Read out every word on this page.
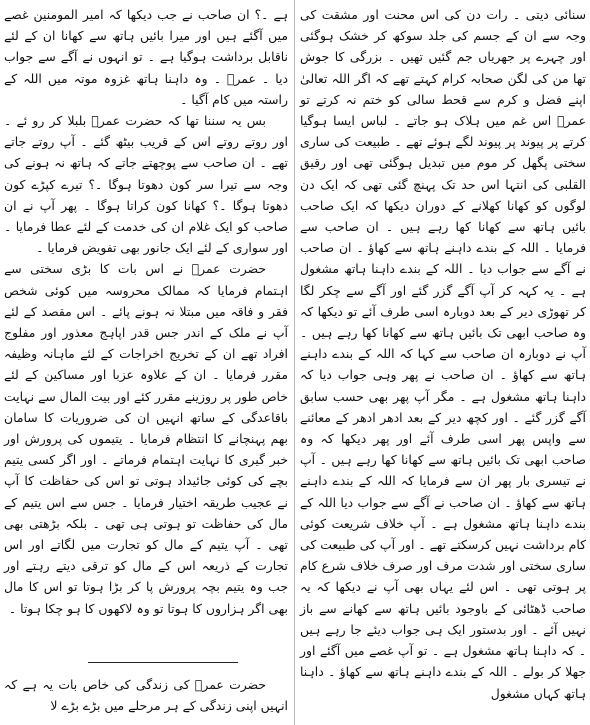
سنائی دیتی ۔ رات دن کی اس محنت اور مشقت کی وجہ سے ان کے جسم کی جلد سوکھ کر خشک ہوگئی اور چہرے پر جھریاں جم گئیں تھیں ۔ بزرگی کا جوش تھا من کی لگن صحابہ کرام کہتے تھے کہ اگر اللہ تعالیٰ اپنے فضل و کرم سے قحط سالی کو ختم نہ کرتے تو عمرؓ اس غم میں ہلاک ہو جاتے ۔ لباس ایسا ہوگیا کرتے پر پیوند پر پیوند لگے ہوئے تھے ۔ طبیعت کی ساری سختی پگھل کر موم میں تبدیل ہوگئی تھی اور رقیق القلبی کی انتہا اس حد تک پہنچ گئی تھی کہ ایک دن لوگوں کو کھانا کھلانے کے دوران دیکھا کہ ایک صاحب بائیں ہاتھ سے کھانا کھا رہے ہیں ۔ ان صاحب سے فرمایا ۔ اللہ کے بندے داہنے ہاتھ سے کھاؤ ۔ ان صاحب نے آگے سے جواب دیا ۔ اللہ کے بندے داہنا ہاتھ مشغول ہے ۔ یہ کہہ کر آپ آگے گزر گئے اور آگے سے چکر لگا کر تھوڑی دیر کے بعد دوبارہ اسی طرف آئے تو دیکھا کہ وہ صاحب ابھی تک بائیں ہاتھ سے کھانا کھا رہے ہیں ۔ آپ نے دوبارہ ان صاحب سے کہا کہ اللہ کے بندے داہنے ہاتھ سے کھاؤ ۔ ان صاحب نے پھر وہی جواب دیا کہ داہنا ہاتھ مشغول ہے ۔ مگر آپ پھر بھی حسب سابق آگے گزر گئے ۔ اور کچھ دیر کے بعد ادھر ادھر کے معائنے سے واپس پھر اسی طرف آئے اور پھر دیکھا کہ وہ صاحب ابھی تک بائیں ہاتھ سے کھانا کھا رہے ہیں ۔ آپ نے تیسری بار پھر ان سے فرمایا کہ اللہ کے بندے داہنے ہاتھ سے کھاؤ ۔ ان صاحب نے آگے سے جواب دیا اللہ کے بندے داہنا ہاتھ مشغول ہے ۔ آپ خلاف شریعت کوئی کام برداشت نہیں کرسکتے تھے ۔ اور آپ کی طبیعت کی ساری سختی اور شدت مرف اور صرف خلاف شرع کام پر ہوتی تھی ۔ اس لئے یہاں بھی آپ نے دیکھا کہ یہ صاحب ڈھٹائی کے باوجود بائیں ہاتھ سے کھانے سے باز نہیں آئے ۔ اور بدستور ایک ہی جواب دیئے جا رہے ہیں ۔ کہ داہنا ہاتھ مشغول ہے ۔ تو آپ غصے میں آگئے اور جھلا کر بولے ۔ اللہ کے بندے داہنے ہاتھ سے کھاؤ ۔ داہنا ہاتھ کہاں مشغول

ہے ۔؟ ان صاحب نے جب دیکھا کہ امیر المومنین غصے میں آگئے ہیں اور میرا بائیں ہاتھ سے کھانا ان کے لئے ناقابل برداشت ہوگیا ہے ۔ تو انہوں نے آگے سے جواب دیا ۔ عمرؓ ۔ وہ داہنا ہاتھ غزوہ موتہ میں اللہ کے راستہ میں کام آگیا ۔

بس یہ سننا تھا کہ حضرت عمرؓ بلبلا کر رو ئے ۔ اور روتے روتے اس کے قریب بیٹھ گئے ۔ آپ روتے جاتے تھے ۔ ان صاحب سے پوچھتے جاتے کہ ہاتھ نہ ہونے کی وجہ سے تیرا سر کون دھوتا ہوگا ۔؟ تیرے کپڑے کون دھوتا ہوگا ۔؟ کھانا کون کراتا ہوگا ۔ پھر آپ نے ان صاحب کو ایک غلام ان کی خدمت کے لئے عطا فرمایا ۔ اور سواری کے لئے ایک جانور بھی تفویض فرمایا ۔

حضرت عمرؓ نے اس بات کا بڑی سختی سے اہتمام فرمایا کہ ممالک محروسہ میں کوئی شخص فقر و فاقہ میں مبتلا نہ ہونے پائے ۔ اس مقصد کے لئے آپ نے ملک کے اندر جس قدر اپاہج معذور اور مفلوج افراد تھے ان کے تخریج اخراجات کے لئے ماہانہ وظیفہ مقرر فرمایا ۔ ان کے علاوہ عزبا اور مساکین کے لئے خاص طور پر روزینے مقرر کئے اور بیت المال سے نہایت باقاعدگی کے ساتھ انہیں ان کی ضروریات کا سامان بھم پہنچانے کا انتظام فرمایا ۔ یتیموں کی پرورش اور خبر گیری کا نہایت اہتمام فرماتے ۔ اور اگر کسی یتیم بچے کی کوئی جائیداد ہوتی تو اس کی حفاظت کا آپ نے عجیب طریقہ اختیار فرمایا ۔ جس سے اس یتیم کے مال کی حفاظت تو ہوتی ہی تھی ۔ بلکہ بڑھتی بھی تھی ۔ آپ یتیم کے مال کو تجارت میں لگاتے اور اس تجارت کے ذریعہ اس کے مال کو ترقی دیتے رہتے اور جب وہ یتیم بچہ پرورش پا کر بڑا ہوتا تو اس کا مال بھی اگر ہزاروں کا ہوتا تو وہ لاکھوں کا ہو چکا ہوتا ۔

حضرت عمرؓ کی زندگی کی خاص بات یہ ہے کہ انہیں اپنی زندگی کے ہر مرحلے میں بڑے بڑے لا
